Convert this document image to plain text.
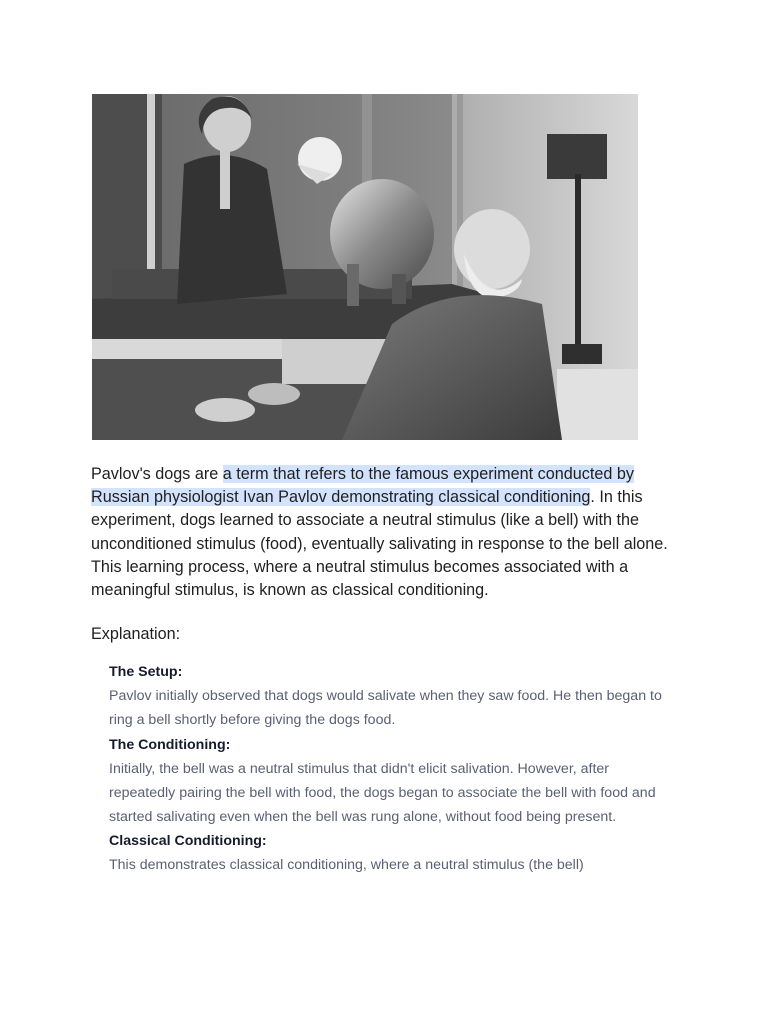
Pavlov's dogs are a term that refers to the famous experiment conducted by Russian physiologist Ivan Pavlov demonstrating classical conditioning. In this experiment, dogs learned to associate a neutral stimulus (like a bell) with the unconditioned stimulus (food), eventually salivating in response to the bell alone. This learning process, where a neutral stimulus becomes associated with a meaningful stimulus, is known as classical conditioning.

Explanation:
The Setup:

Pavlov initially observed that dogs would salivate when they saw food. He then began to ring a bell shortly before giving the dogs food.

The Conditioning:

Initially, the bell was a neutral stimulus that didn't elicit salivation. However, after repeatedly pairing the bell with food, the dogs began to associate the bell with food and started salivating even when the bell was rung alone, without food being present.

Classical Conditioning:

This demonstrates classical conditioning, where a neutral stimulus (the bell)
